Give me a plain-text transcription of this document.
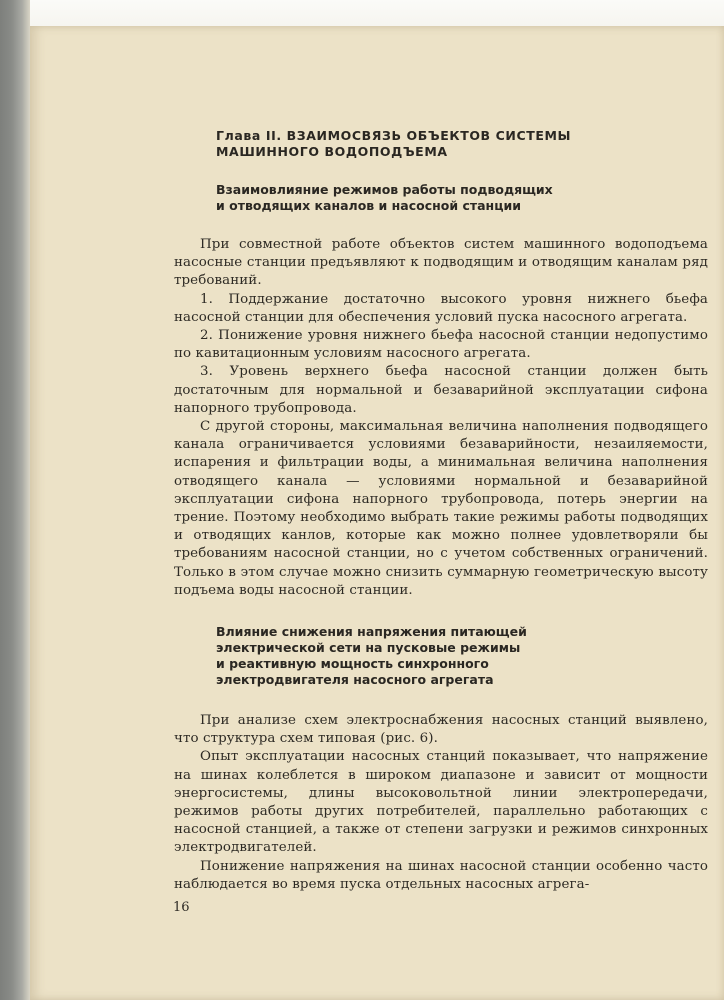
Глава II. ВЗАИМОСВЯЗЬ ОБЪЕКТОВ СИСТЕМЫ
МАШИННОГО ВОДОПОДЪЕМА
Взаимовлияние режимов работы подводящих
и отводящих каналов и насосной станции

При совместной работе объектов систем машинного водоподъема насосные станции предъявляют к подводящим и отводящим каналам ряд требований.

1. Поддержание достаточно высокого уровня нижнего бьефа насосной станции для обеспечения условий пуска насосного агрегата.

2. Понижение уровня нижнего бьефа насосной станции недопустимо по кавитационным условиям насосного агрегата.

3. Уровень верхнего бьефа насосной станции должен быть достаточным для нормальной и безаварийной эксплуатации сифона напорного трубопровода.

С другой стороны, максимальная величина наполнения подводящего канала ограничивается условиями безаварийности, незаиляемости, испарения и фильтрации воды, а минимальная величина наполнения отводящего канала — условиями нормальной и безаварийной эксплуатации сифона напорного трубопровода, потерь энергии на трение. Поэтому необходимо выбрать такие режимы работы подводящих и отводящих канлов, которые как можно полнее удовлетворяли бы требованиям насосной станции, но с учетом собственных ограничений. Только в этом случае можно снизить суммарную геометрическую высоту подъема воды насосной станции.

Влияние снижения напряжения питающей
электрической сети на пусковые режимы
и реактивную мощность синхронного
электродвигателя насосного агрегата

При анализе схем электроснабжения насосных станций выявлено, что структура схем типовая (рис. 6).

Опыт эксплуатации насосных станций показывает, что напряжение на шинах колеблется в широком диапазоне и зависит от мощности энергосистемы, длины высоковольтной линии электропередачи, режимов работы других потребителей, параллельно работающих с насосной станцией, а также от степени загрузки и режимов синхронных электродвигателей.

Понижение напряжения на шинах насосной станции особенно часто наблюдается во время пуска отдельных насосных агрега-

16
